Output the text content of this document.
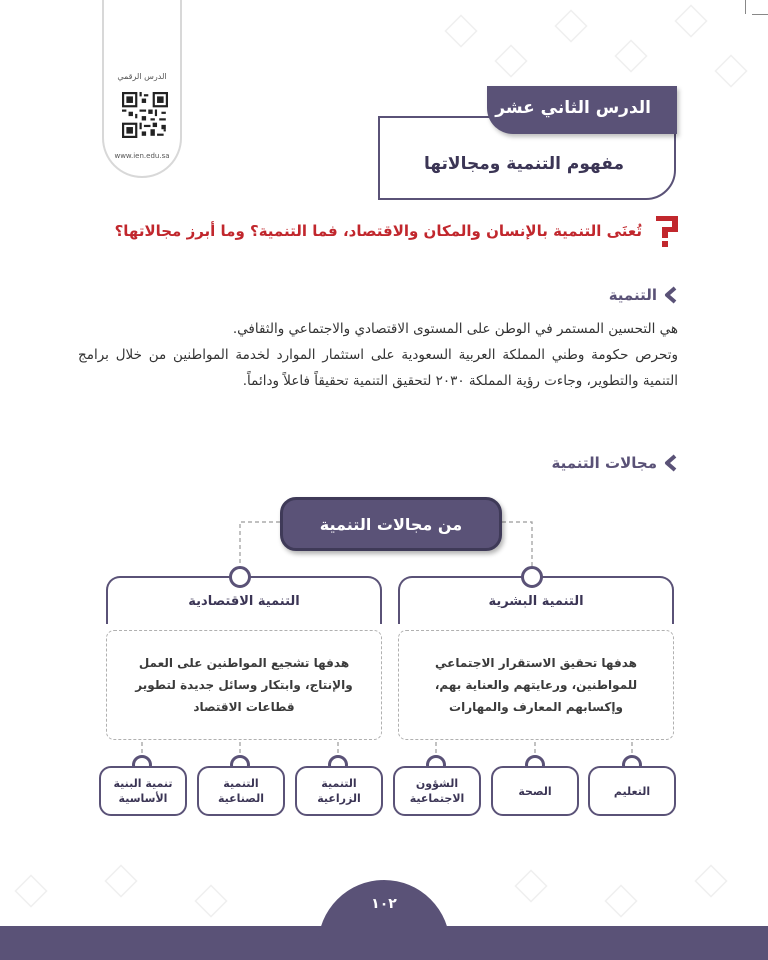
الدرس الرقمي
www.ien.edu.sa	مفهوم التنمية ومجالاتها
الدرس الثاني عشر
تُعنَى التنمية بالإنسان والمكان والاقتصاد، فما التنمية؟ وما أبرز مجالاتها؟
التنمية

هي التحسين المستمر في الوطن على المستوى الاقتصادي والاجتماعي والثقافي.

وتحرص حكومة وطني المملكة العربية السعودية على استثمار الموارد لخدمة المواطنين من خلال برامج التنمية والتطوير، وجاءت رؤية المملكة ٢٠٣٠ لتحقيق التنمية تحقيقاً فاعلاً ودائماً.

مجالات التنمية
من مجالات التنمية
التنمية البشرية
هدفها تحقيق الاستقرار الاجتماعي للمواطنين، ورعايتهم والعناية بهم، وإكسابهم المعارف والمهارات
التنمية الاقتصادية
هدفها تشجيع المواطنين على العمل والإنتاج، وابتكار وسائل جديدة لتطوير قطاعات الاقتصاد
التعليم
الصحة
الشؤون الاجتماعية
التنمية الزراعية
التنمية الصناعية
تنمية البنية الأساسية
١٠٢
